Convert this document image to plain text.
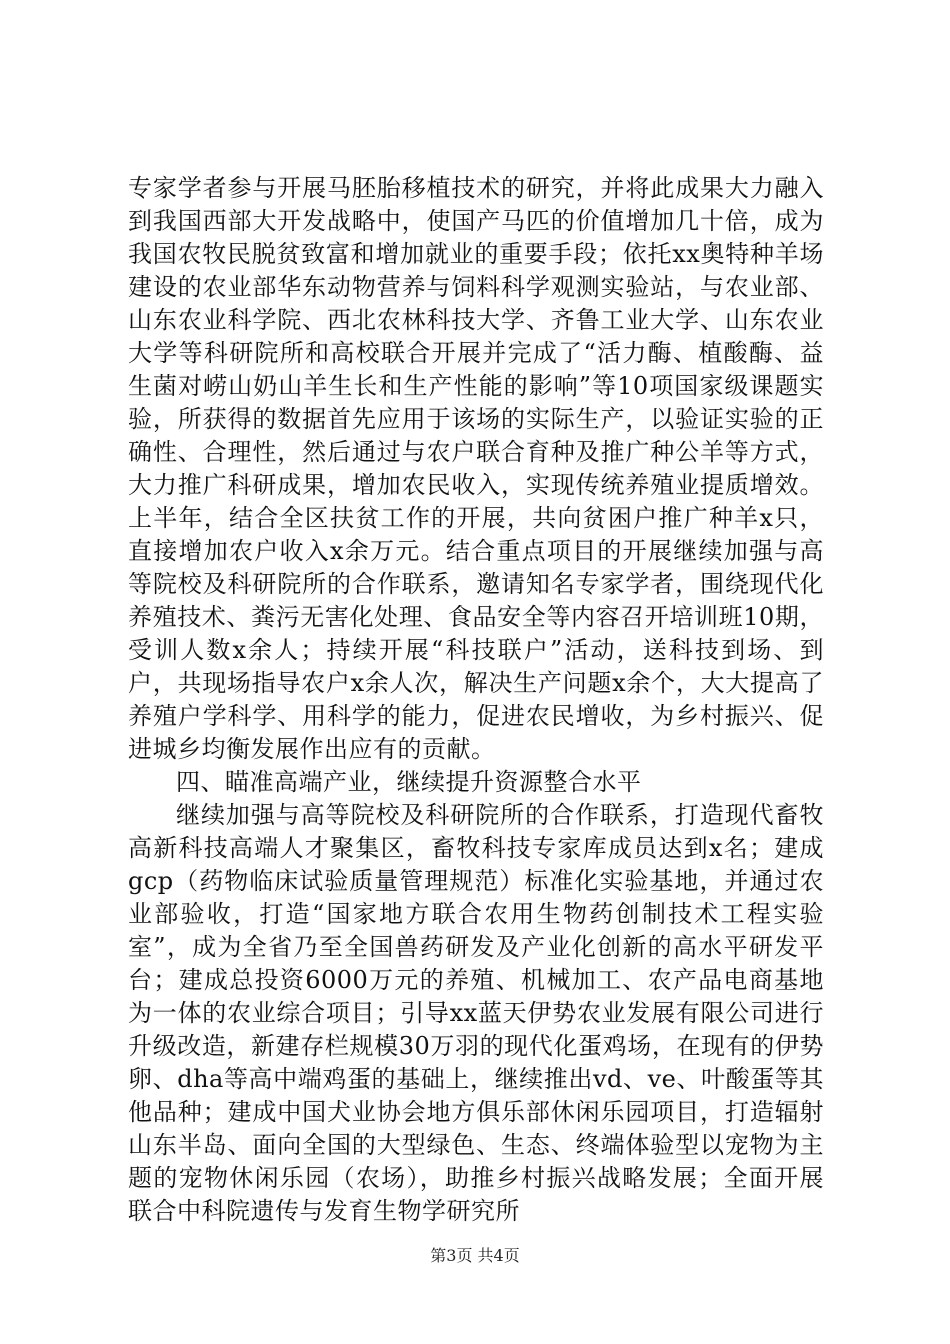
专家学者参与开展马胚胎移植技术的研究，并将此成果大力融入到我国西部大开发战略中，使国产马匹的价值增加几十倍，成为我国农牧民脱贫致富和增加就业的重要手段；依托xx奥特种羊场建设的农业部华东动物营养与饲料科学观测实验站，与农业部、山东农业科学院、西北农林科技大学、齐鲁工业大学、山东农业大学等科研院所和高校联合开展并完成了“活力酶、植酸酶、益生菌对崂山奶山羊生长和生产性能的影响”等10项国家级课题实验，所获得的数据首先应用于该场的实际生产，以验证实验的正确性、合理性，然后通过与农户联合育种及推广种公羊等方式，大力推广科研成果，增加农民收入，实现传统养殖业提质增效。上半年，结合全区扶贫工作的开展，共向贫困户推广种羊x只，直接增加农户收入x余万元。结合重点项目的开展继续加强与高等院校及科研院所的合作联系，邀请知名专家学者，围绕现代化养殖技术、粪污无害化处理、食品安全等内容召开培训班10期，受训人数x余人；持续开展“科技联户”活动，送科技到场、到户，共现场指导农户x余人次，解决生产问题x余个，大大提高了养殖户学科学、用科学的能力，促进农民增收，为乡村振兴、促进城乡均衡发展作出应有的贡献。

四、瞄准高端产业，继续提升资源整合水平

继续加强与高等院校及科研院所的合作联系，打造现代畜牧高新科技高端人才聚集区，畜牧科技专家库成员达到x名；建成gcp（药物临床试验质量管理规范）标准化实验基地，并通过农业部验收，打造“国家地方联合农用生物药创制技术工程实验室”，成为全省乃至全国兽药研发及产业化创新的高水平研发平台；建成总投资6000万元的养殖、机械加工、农产品电商基地为一体的农业综合项目；引导xx蓝天伊势农业发展有限公司进行升级改造，新建存栏规模30万羽的现代化蛋鸡场，在现有的伊势卵、dha等高中端鸡蛋的基础上，继续推出vd、ve、叶酸蛋等其他品种；建成中国犬业协会地方俱乐部休闲乐园项目，打造辐射山东半岛、面向全国的大型绿色、生态、终端体验型以宠物为主题的宠物休闲乐园（农场），助推乡村振兴战略发展；全面开展联合中科院遗传与发育生物学研究所

第3页 共4页
